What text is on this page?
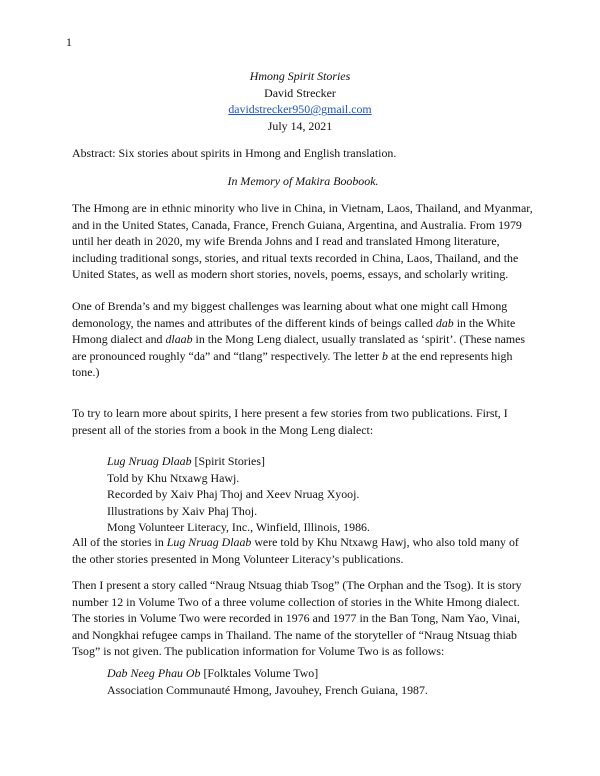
1
Hmong Spirit Stories
David Strecker
davidstrecker950@gmail.com
July 14, 2021

Abstract: Six stories about spirits in Hmong and English translation.

In Memory of Makira Boobook.

The Hmong are in ethnic minority who live in China, in Vietnam, Laos, Thailand, and Myanmar, and in the United States, Canada, France, French Guiana, Argentina, and Australia. From 1979 until her death in 2020, my wife Brenda Johns and I read and translated Hmong literature, including traditional songs, stories, and ritual texts recorded in China, Laos, Thailand, and the United States, as well as modern short stories, novels, poems, essays, and scholarly writing.

One of Brenda’s and my biggest challenges was learning about what one might call Hmong demonology, the names and attributes of the different kinds of beings called dab in the White Hmong dialect and dlaab in the Mong Leng dialect, usually translated as ‘spirit’. (These names are pronounced roughly “da” and “tlang” respectively. The letter b at the end represents high tone.)

To try to learn more about spirits, I here present a few stories from two publications. First, I present all of the stories from a book in the Mong Leng dialect:

Lug Nruag Dlaab [Spirit Stories]
Told by Khu Ntxawg Hawj.
Recorded by Xaiv Phaj Thoj and Xeev Nruag Xyooj.
Illustrations by Xaiv Phaj Thoj.
Mong Volunteer Literacy, Inc., Winfield, Illinois, 1986.

All of the stories in Lug Nruag Dlaab were told by Khu Ntxawg Hawj, who also told many of the other stories presented in Mong Volunteer Literacy’s publications.

Then I present a story called “Nraug Ntsuag thiab Tsog” (The Orphan and the Tsog). It is story number 12 in Volume Two of a three volume collection of stories in the White Hmong dialect. The stories in Volume Two were recorded in 1976 and 1977 in the Ban Tong, Nam Yao, Vinai, and Nongkhai refugee camps in Thailand. The name of the storyteller of “Nraug Ntsuag thiab Tsog” is not given. The publication information for Volume Two is as follows:

Dab Neeg Phau Ob [Folktales Volume Two]
Association Communauté Hmong, Javouhey, French Guiana, 1987.
